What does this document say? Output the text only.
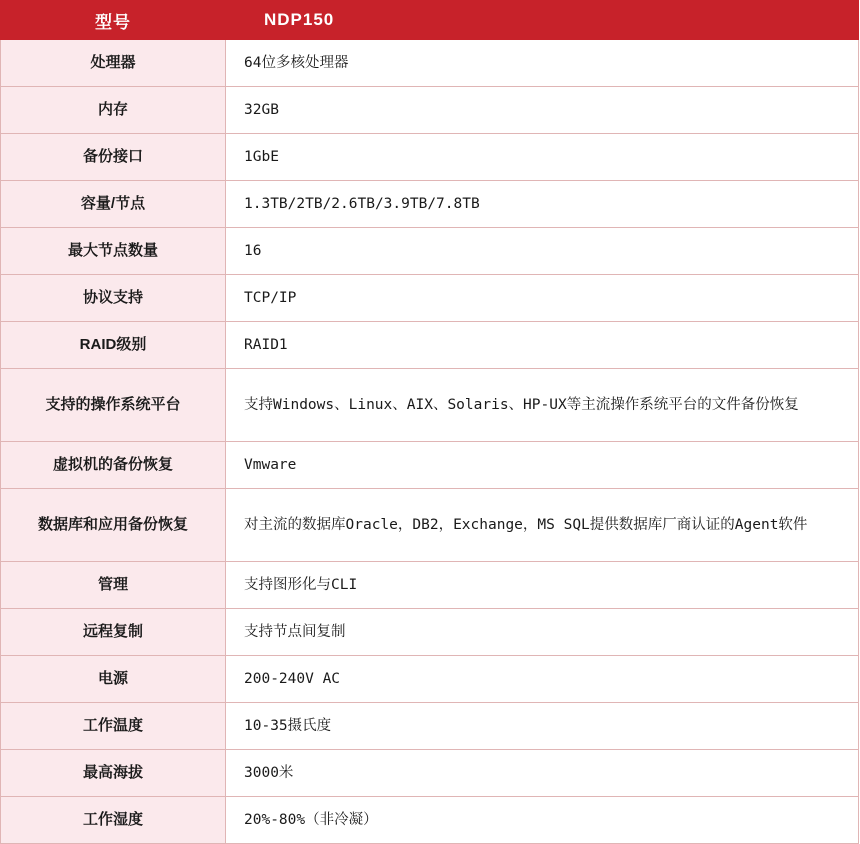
型号	NDP150
处理器	64位多核处理器
内存	32GB
备份接口	1GbE
容量/节点	1.3TB/2TB/2.6TB/3.9TB/7.8TB
最大节点数量	16
协议支持	TCP/IP
RAID级别	RAID1
支持的操作系统平台	支持Windows、Linux、AIX、Solaris、HP-UX等主流操作系统平台的文件备份恢复
虚拟机的备份恢复	Vmware
数据库和应用备份恢复	对主流的数据库Oracle，DB2，Exchange，MS SQL提供数据库厂商认证的Agent软件
管理	支持图形化与CLI
远程复制	支持节点间复制
电源	200-240V AC
工作温度	10-35摄氏度
最高海拔	3000米
工作湿度	20%-80%（非冷凝）
